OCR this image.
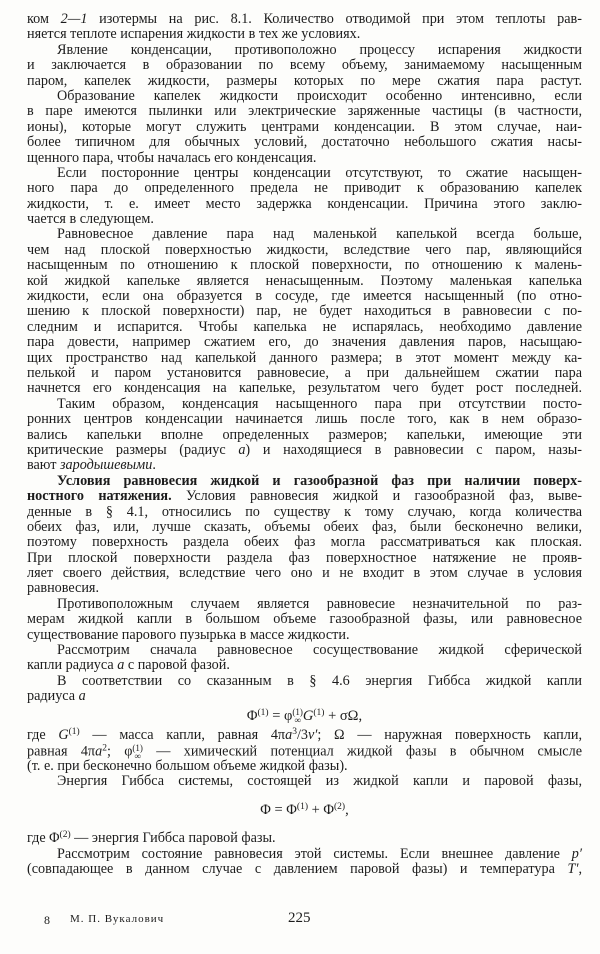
ком 2—1 изотермы на рис. 8.1. Количество отводимой при этом теплоты рав-
няется теплоте испарения жидкости в тех же условиях.
Явление конденсации, противоположно процессу испарения жидкости
и заключается в образовании по всему объему, занимаемому насыщенным
паром, капелек жидкости, размеры которых по мере сжатия пара растут.
Образование капелек жидкости происходит особенно интенсивно, если
в паре имеются пылинки или электрические заряженные частицы (в частности,
ионы), которые могут служить центрами конденсации. В этом случае, наи-
более типичном для обычных условий, достаточно небольшого сжатия насы-
щенного пара, чтобы началась его конденсация.
Если посторонние центры конденсации отсутствуют, то сжатие насыщен-
ного пара до определенного предела не приводит к образованию капелек
жидкости, т. е. имеет место задержка конденсации. Причина этого заклю-
чается в следующем.
Равновесное давление пара над маленькой капелькой всегда больше,
чем над плоской поверхностью жидкости, вследствие чего пар, являющийся
насыщенным по отношению к плоской поверхности, по отношению к малень-
кой жидкой капельке является ненасыщенным. Поэтому маленькая капелька
жидкости, если она образуется в сосуде, где имеется насыщенный (по отно-
шению к плоской поверхности) пар, не будет находиться в равновесии с по-
следним и испарится. Чтобы капелька не испарялась, необходимо давление
пара довести, например сжатием его, до значения давления паров, насыщаю-
щих пространство над капелькой данного размера; в этот момент между ка-
пелькой и паром установится равновесие, а при дальнейшем сжатии пара
начнется его конденсация на капельке, результатом чего будет рост последней.
Таким образом, конденсация насыщенного пара при отсутствии посто-
ронних центров конденсации начинается лишь после того, как в нем образо-
вались капельки вполне определенных размеров; капельки, имеющие эти
критические размеры (радиус a) и находящиеся в равновесии с паром, назы-
вают зародышевыми.
Условия равновесия жидкой и газообразной фаз при наличии поверх-
ностного натяжения. Условия равновесия жидкой и газообразной фаз, выве-
денные в § 4.1, относились по существу к тому случаю, когда количества
обеих фаз, или, лучше сказать, объемы обеих фаз, были бесконечно велики,
поэтому поверхность раздела обеих фаз могла рассматриваться как плоская.
При плоской поверхности раздела фаз поверхностное натяжение не прояв-
ляет своего действия, вследствие чего оно и не входит в этом случае в условия
равновесия.
Противоположным случаем является равновесие незначительной по раз-
мерам жидкой капли в большом объеме газообразной фазы, или равновесное
существование парового пузырька в массе жидкости.
Рассмотрим сначала равновесное сосуществование жидкой сферической
капли радиуса a с паровой фазой.
В соответствии со сказанным в § 4.6 энергия Гиббса жидкой капли
радиуса a
$\Phi^{(1)} = \varphi$ (1)
∞ $G^{(1)} + \sigma\Omega$,
где $G^{(1)}$ — масса капли, равная $4\pi a^3/3v'$; Ω — наружная поверхность капли,
равная $4\pi a^2$; φ (1)
∞ — химический потенциал жидкой фазы в обычном смысле
(т. е. при бесконечно большом объеме жидкой фазы).
Энергия Гиббса системы, состоящей из жидкой капли и паровой фазы,
$\Phi = \Phi^{(1)} + \Phi^{(2)}$,
где $\Phi^{(2)}$ — энергия Гиббса паровой фазы.
Рассмотрим состояние равновесия этой системы. Если внешнее давление p′
(совпадающее в данном случае с давлением паровой фазы) и температура T′,
8 М. П. Вукалович	225
